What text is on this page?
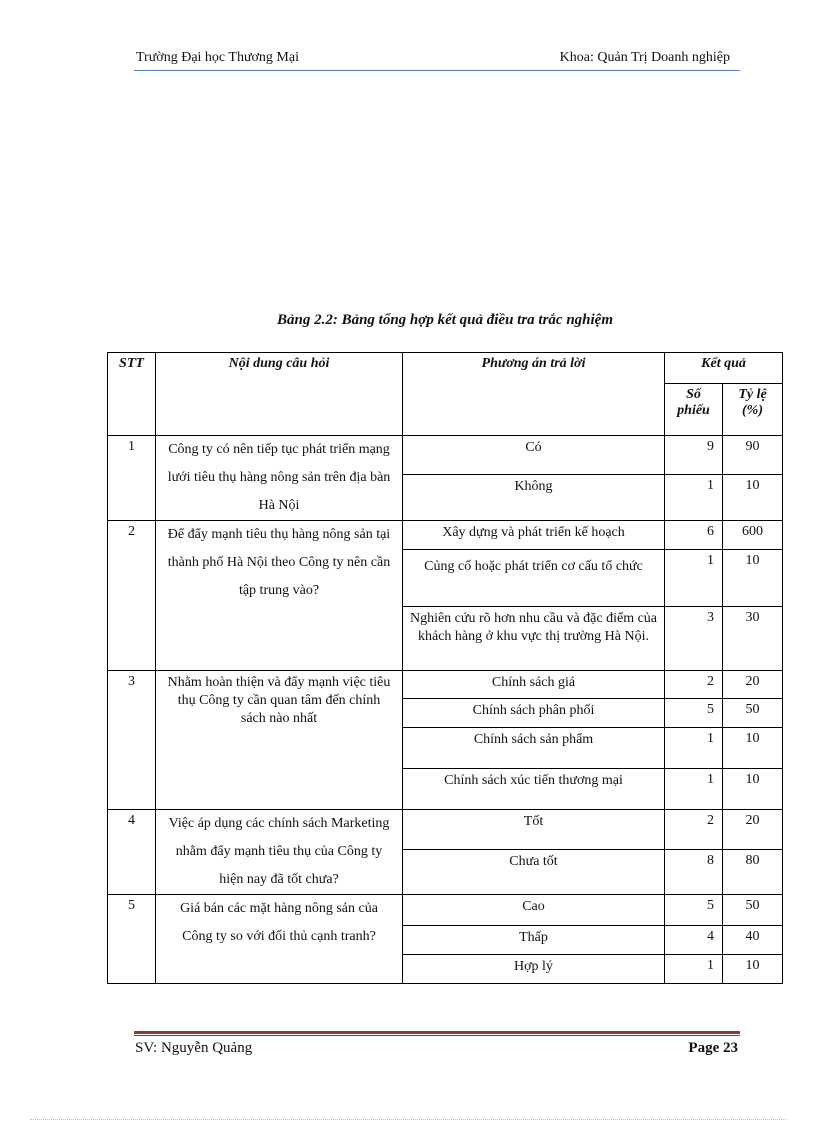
Trường Đại học Thương Mại	Khoa: Quản Trị Doanh nghiệp
Bảng 2.2: Bảng tổng hợp kết quả điều tra trắc nghiệm
STT	Nội dung câu hỏi	Phương án trả lời	Kết quả	
			Số phiếu	Tỷ lệ (%)
1	Công ty có nên tiếp tục phát triển mạng lưới tiêu thụ hàng nông sản trên địa bàn Hà Nội	Có	9	90
		Không	1	10
2	Để đẩy mạnh tiêu thụ hàng nông sản tại thành phố Hà Nội theo Công ty nên cần tập trung vào?	Xây dựng và phát triển kế hoạch	6	600
		Củng cố hoặc phát triển cơ cấu tổ chức	1	10
		Nghiên cứu rõ hơn nhu cầu và đặc điểm của khách hàng ở khu vực thị trường Hà Nội.	3	30
3	Nhằm hoàn thiện và đẩy mạnh việc tiêu thụ Công ty cần quan tâm đến chính sách nào nhất	Chính sách giá	2	20
		Chính sách phân phối	5	50
		Chính sách sản phẩm	1	10
		Chính sách xúc tiến thương mại	1	10
4	Việc áp dụng các chính sách Marketing nhằm đẩy mạnh tiêu thụ của Công ty hiện nay đã tốt chưa?	Tốt	2	20
		Chưa tốt	8	80
5	Giá bán các mặt hàng nông sản của Công ty so với đối thủ cạnh tranh?	Cao	5	50
		Thấp	4	40
		Hợp lý	1	10
SV: Nguyễn Quảng	Page 23
